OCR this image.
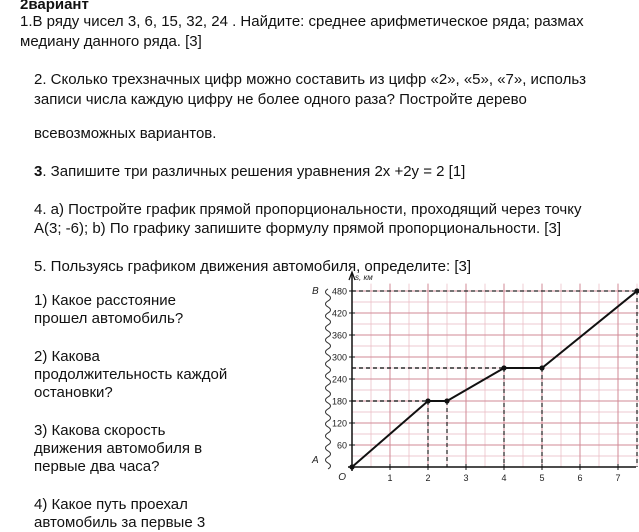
2вариант
1.В ряду чисел 3, 6, 15, 32, 24 . Найдите: среднее арифметическое ряда; размах
медиану данного ряда. [3]
2. Сколько трехзначных цифр можно составить из цифр «2», «5», «7», использ
записи числа каждую цифру не более одного раза? Постройте дерево
всевозможных вариантов.
3. Запишите три различных решения уравнения 2x +2y = 2 [1]
4. a) Постройте график прямой пропорциональности, проходящий через точку
A(3; -6); b) По графику запишите формулу прямой пропорциональности. [3]
5. Пользуясь графиком движения автомобиля, определите: [3]
1) Какое расстояние
прошел автомобиль?
2) Какова
продолжительность каждой
остановки?
3) Какова скорость
движения автомобиля в
первые два часа?
4) Какое путь проехал
автомобиль за первые 3
60
120
180
240
300
360
420
480
1	2	3	4	5	6	7
s, км
O
A
B
